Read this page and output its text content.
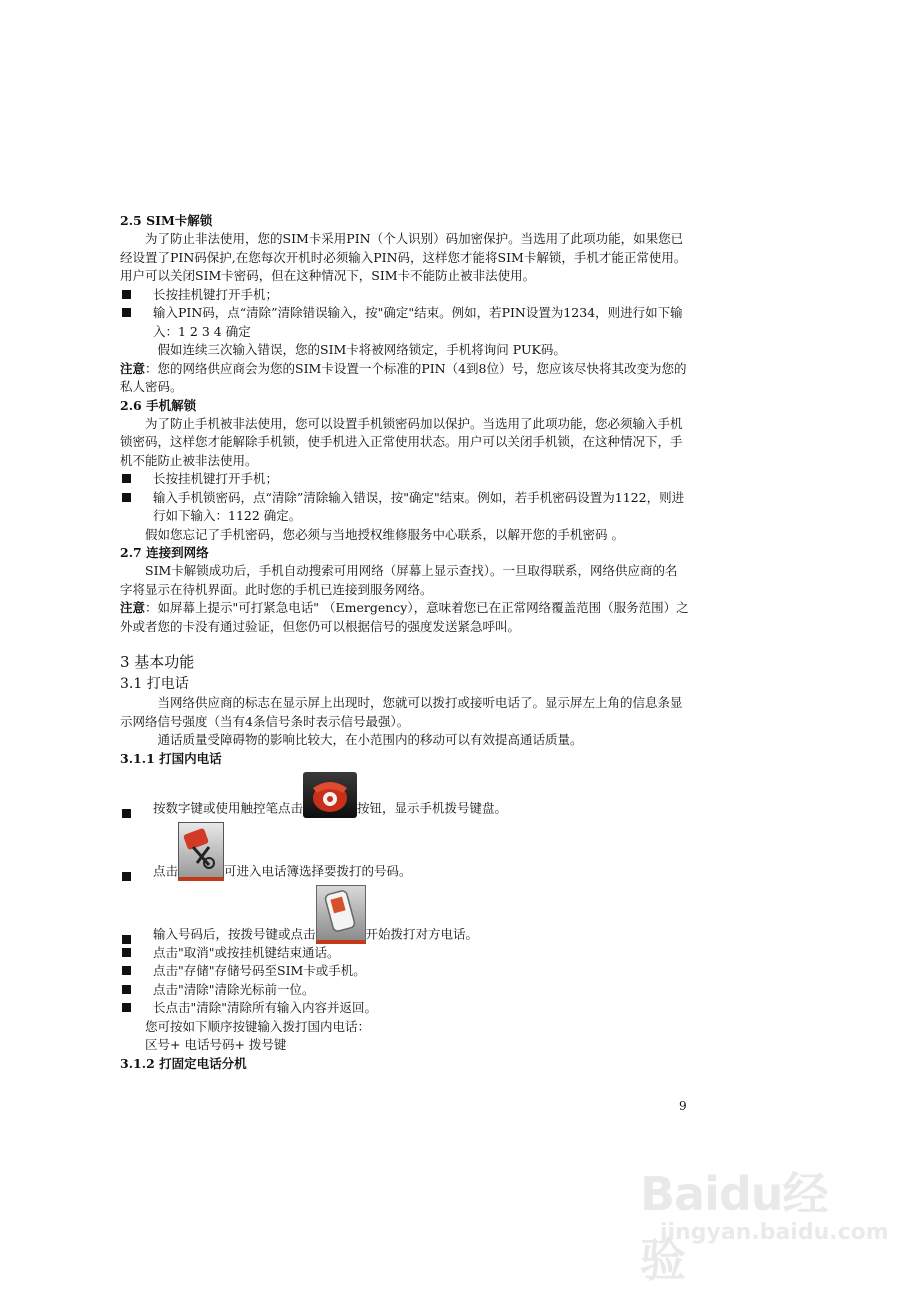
2.5 SIM卡解锁

为了防止非法使用，您的SIM卡采用PIN（个人识别）码加密保护。当选用了此项功能，如果您已经设置了PIN码保护,在您每次开机时必须输入PIN码，这样您才能将SIM卡解锁，手机才能正常使用。用户可以关闭SIM卡密码，但在这种情况下，SIM卡不能防止被非法使用。

长按挂机键打开手机；
输入PIN码，点“清除”清除错误输入，按"确定"结束。例如，若PIN设置为1234，则进行如下输入：1 2 3 4 确定

假如连续三次输入错误，您的SIM卡将被网络锁定，手机将询问 PUK码。

注意：您的网络供应商会为您的SIM卡设置一个标准的PIN（4到8位）号，您应该尽快将其改变为您的私人密码。

2.6 手机解锁

为了防止手机被非法使用，您可以设置手机锁密码加以保护。当选用了此项功能，您必须输入手机锁密码，这样您才能解除手机锁，使手机进入正常使用状态。用户可以关闭手机锁，在这种情况下，手机不能防止被非法使用。

长按挂机键打开手机；
输入手机锁密码，点“清除”清除输入错误，按"确定"结束。例如，若手机密码设置为1122，则进行如下输入：1122 确定。

假如您忘记了手机密码，您必须与当地授权维修服务中心联系，以解开您的手机密码 。

2.7 连接到网络

SIM卡解锁成功后，手机自动搜索可用网络（屏幕上显示查找）。一旦取得联系，网络供应商的名字将显示在待机界面。此时您的手机已连接到服务网络。

注意：如屏幕上提示"可打紧急电话" （Emergency），意味着您已在正常网络覆盖范围（服务范围）之外或者您的卡没有通过验证，但您仍可以根据信号的强度发送紧急呼叫。

3 基本功能

3.1 打电话

当网络供应商的标志在显示屏上出现时，您就可以拨打或接听电话了。显示屏左上角的信息条显示网络信号强度（当有4条信号条时表示信号最强）。

通话质量受障碍物的影响比较大，在小范围内的移动可以有效提高通话质量。

3.1.1 打国内电话

按数字键或使用触控笔点击	按钮，显示手机拨号键盘。
点击	可进入电话簿选择要拨打的号码。
输入号码后，按拨号键或点击	开始拨打对方电话。
点击"取消"或按挂机键结束通话。
点击"存储"存储号码至SIM卡或手机。
点击"清除"清除光标前一位。
长点击"清除"清除所有输入内容并返回。

您可按如下顺序按键输入拨打国内电话：

区号+ 电话号码+ 拨号键

3.1.2 打固定电话分机

9
Baidu经验
jingyan.baidu.com
